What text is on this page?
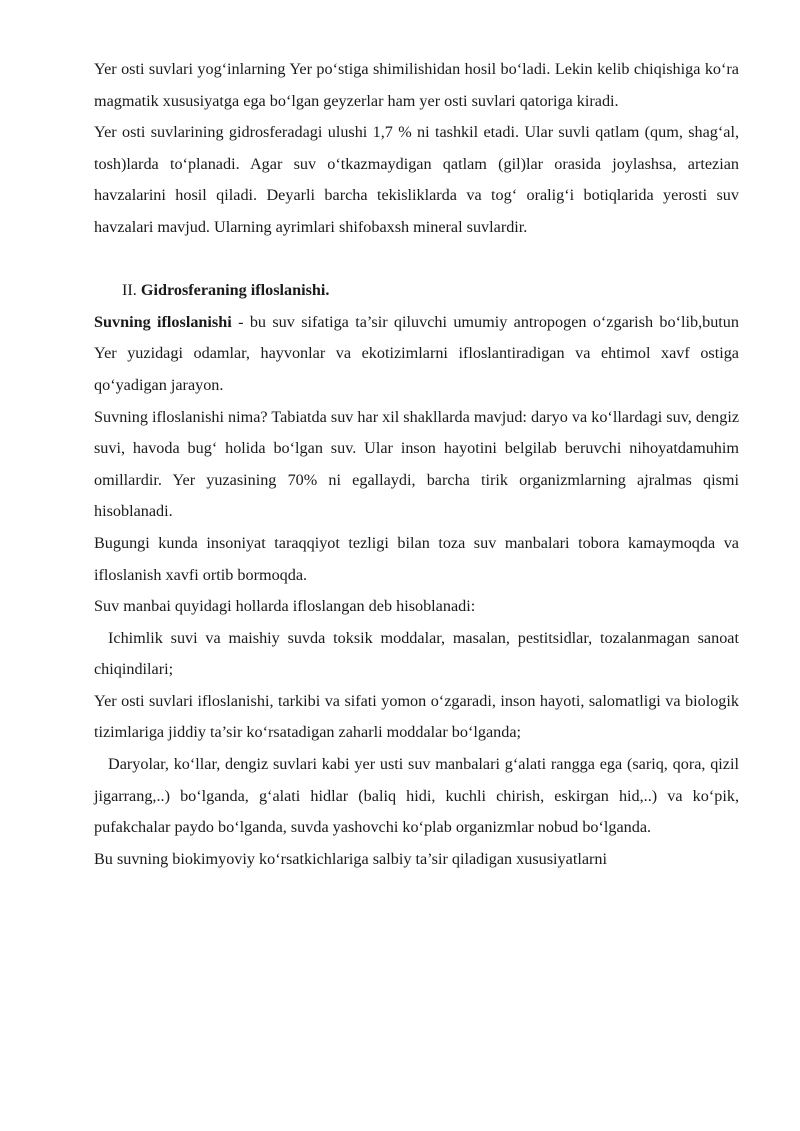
Yer osti suvlari yog‘inlarning Yer po‘stiga shimilishidan hosil bo‘ladi. Lekin kelib chiqishiga ko‘ra magmatik xususiyatga ega bo‘lgan geyzerlar ham yer osti suvlari qatoriga kiradi.

Yer osti suvlarining gidrosferadagi ulushi 1,7 % ni tashkil etadi. Ular suvli qatlam (qum, shag‘al, tosh)larda to‘planadi. Agar suv o‘tkazmaydigan qatlam (gil)lar orasida joylashsa, artezian havzalarini hosil qiladi. Deyarli barcha tekisliklarda va tog‘ oralig‘i botiqlarida yerosti suv havzalari mavjud. Ularning ayrimlari shifobaxsh mineral suvlardir.

II. Gidrosferaning ifloslanishi.

Suvning ifloslanishi - bu suv sifatiga ta’sir qiluvchi umumiy antropogen o‘zgarish bo‘lib,butun Yer yuzidagi odamlar, hayvonlar va ekotizimlarni ifloslantiradigan va ehtimol xavf ostiga qo‘yadigan jarayon.

Suvning ifloslanishi nima? Tabiatda suv har xil shakllarda mavjud: daryo va ko‘llardagi suv, dengiz suvi, havoda bug‘ holida bo‘lgan suv. Ular inson hayotini belgilab beruvchi nihoyatdamuhim omillardir. Yer yuzasining 70% ni egallaydi, barcha tirik organizmlarning ajralmas qismi hisoblanadi.

Bugungi kunda insoniyat taraqqiyot tezligi bilan toza suv manbalari tobora kamaymoqda va ifloslanish xavfi ortib bormoqda.

Suv manbai quyidagi hollarda ifloslangan deb hisoblanadi:

Ichimlik suvi va maishiy suvda toksik moddalar, masalan, pestitsidlar, tozalanmagan sanoat chiqindilari;

Yer osti suvlari ifloslanishi, tarkibi va sifati yomon o‘zgaradi, inson hayoti, salomatligi va biologik tizimlariga jiddiy ta’sir ko‘rsatadigan zaharli moddalar bo‘lganda;

Daryolar, ko‘llar, dengiz suvlari kabi yer usti suv manbalari g‘alati rangga ega (sariq, qora, qizil jigarrang,..) bo‘lganda, g‘alati hidlar (baliq hidi, kuchli chirish, eskirgan hid,..) va ko‘pik, pufakchalar paydo bo‘lganda, suvda yashovchi ko‘plab organizmlar nobud bo‘lganda.

Bu suvning biokimyoviy ko‘rsatkichlariga salbiy ta’sir qiladigan xususiyatlarni
